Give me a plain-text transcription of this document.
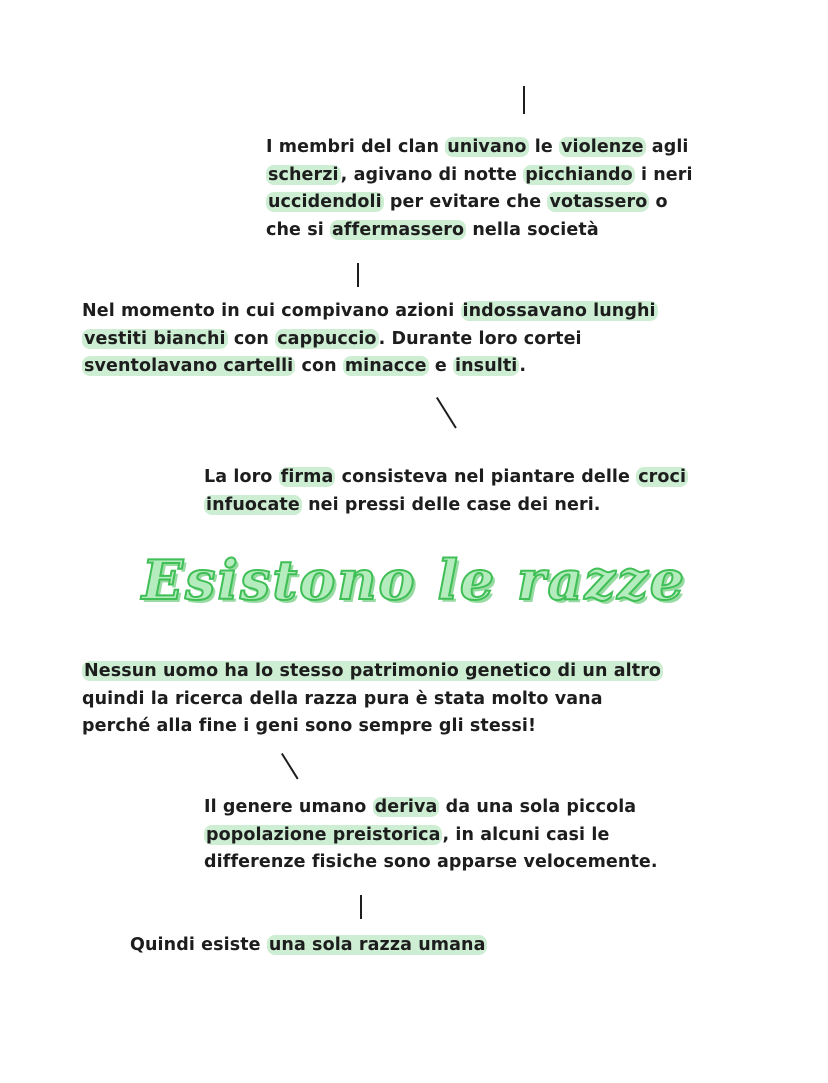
I membri del clan univano le violenze agli
scherzi , agivano di notte picchiando i neri
uccidendoli per evitare che votassero o
che si affermassero nella società
Nel momento in cui compivano azioni indossavano lunghi
vestiti bianchi con cappuccio . Durante loro cortei
sventolavano cartelli con minacce e insulti .
La loro firma consisteva nel piantare delle croci
infuocate nei pressi delle case dei neri.
Esistono le razze
Nessun uomo ha lo stesso patrimonio genetico di un altro
quindi la ricerca della razza pura è stata molto vana
perché alla fine i geni sono sempre gli stessi!
Il genere umano deriva da una sola piccola
popolazione preistorica , in alcuni casi le
differenze fisiche sono apparse velocemente.
Quindi esiste una sola razza umana
